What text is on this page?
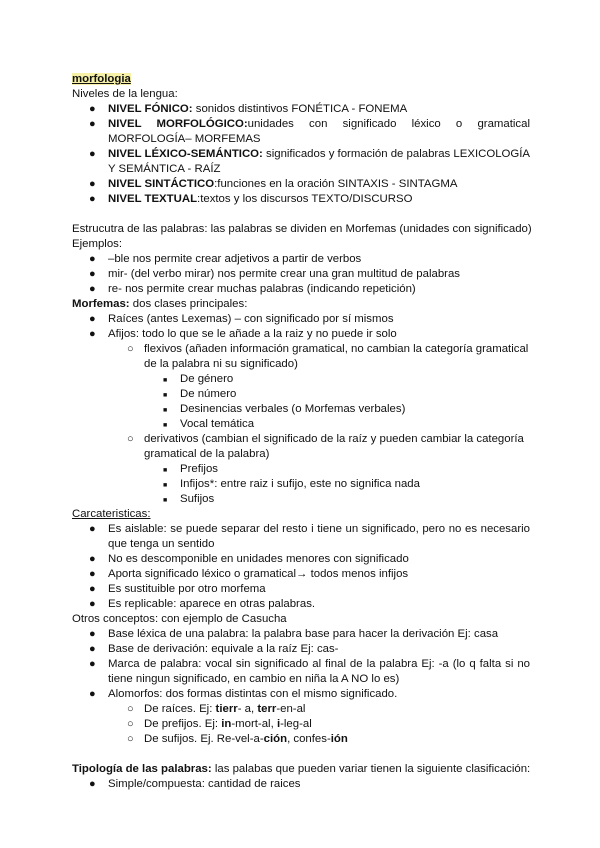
morfologia
Niveles de la lengua:
● NIVEL FÓNICO: sonidos distintivos FONÉTICA - FONEMA
● NIVEL MORFOLÓGICO:unidades con significado léxico o gramatical
MORFOLOGÍA– MORFEMAS
● NIVEL LÉXICO-SEMÁNTICO: significados y formación de palabras LEXICOLOGÍA
Y SEMÁNTICA - RAÍZ
● NIVEL SINTÁCTICO:funciones en la oración SINTAXIS - SINTAGMA
● NIVEL TEXTUAL:textos y los discursos TEXTO/DISCURSO
Estrucutra de las palabras: las palabras se dividen en Morfemas (unidades con significado)
Ejemplos:
● –ble nos permite crear adjetivos a partir de verbos
● mir- (del verbo mirar) nos permite crear una gran multitud de palabras
● re- nos permite crear muchas palabras (indicando repetición)
Morfemas: dos clases principales:
● Raíces (antes Lexemas) – con significado por sí mismos
● Afijos: todo lo que se le añade a la raiz y no puede ir solo
○ flexivos (añaden información gramatical, no cambian la categoría gramatical
de la palabra ni su significado)
■ De género
■ De número
■ Desinencias verbales (o Morfemas verbales)
■ Vocal temática
○ derivativos (cambian el significado de la raíz y pueden cambiar la categoría
gramatical de la palabra)
■ Prefijos
■ Infijos*: entre raiz i sufijo, este no significa nada
■ Sufijos
Carcateristicas:
● Es aislable: se puede separar del resto i tiene un significado, pero no es necesario
que tenga un sentido
● No es descomponible en unidades menores con significado
● Aporta significado léxico o gramatical→ todos menos infijos
● Es sustituible por otro morfema
● Es replicable: aparece en otras palabras.
Otros conceptos: con ejemplo de Casucha
● Base léxica de una palabra: la palabra base para hacer la derivación Ej: casa
● Base de derivación: equivale a la raíz Ej: cas-
● Marca de palabra: vocal sin significado al final de la palabra Ej: -a (lo q falta si no
tiene ningun significado, en cambio en niña la A NO lo es)
● Alomorfos: dos formas distintas con el mismo significado.
○ De raíces. Ej: tierr- a, terr-en-al
○ De prefijos. Ej: in-mort-al, i-leg-al
○ De sufijos. Ej. Re-vel-a-ción, confes-ión
Tipología de las palabras: las palabas que pueden variar tienen la siguiente clasificación:
● Simple/compuesta: cantidad de raices
